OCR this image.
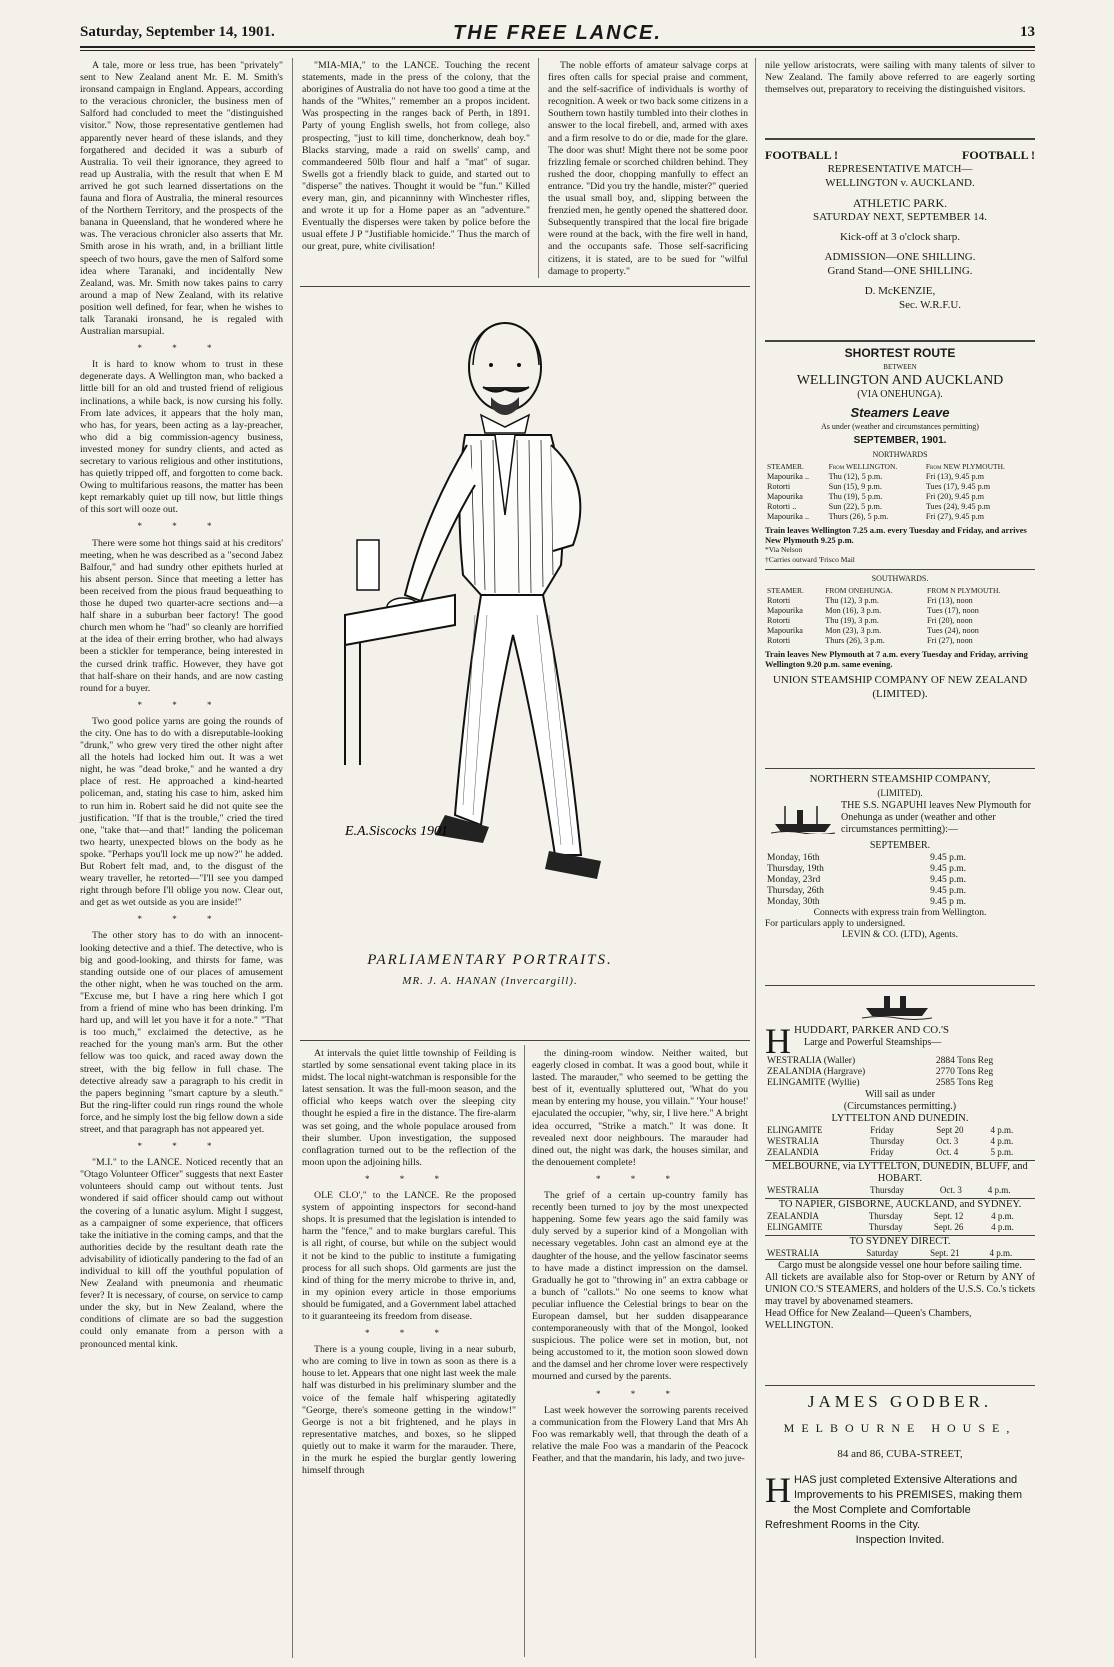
Saturday, September 14, 1901.	THE FREE LANCE.	13

A tale, more or less true, has been "privately" sent to New Zealand anent Mr. E. M. Smith's ironsand campaign in England. Appears, according to the veracious chronicler, the business men of Salford had concluded to meet the "distinguished visitor." Now, those representative gentlemen had apparently never heard of these islands, and they forgathered and decided it was a suburb of Australia. To veil their ignorance, they agreed to read up Australia, with the result that when E M arrived he got such learned dissertations on the fauna and flora of Australia, the mineral resources of the Northern Territory, and the prospects of the banana in Queensland, that he wondered where he was. The veracious chronicler also asserts that Mr. Smith arose in his wrath, and, in a brilliant little speech of two hours, gave the men of Salford some idea where Taranaki, and incidentally New Zealand, was. Mr. Smith now takes pains to carry around a map of New Zealand, with its relative position well defined, for fear, when he wishes to talk Taranaki ironsand, he is regaled with Australian marsupial.

* * *

It is hard to know whom to trust in these degenerate days. A Wellington man, who backed a little bill for an old and trusted friend of religious inclinations, a while back, is now cursing his folly. From late advices, it appears that the holy man, who has, for years, been acting as a lay-preacher, who did a big commission-agency business, invested money for sundry clients, and acted as secretary to various religious and other institutions, has quietly tripped off, and forgotten to come back. Owing to multifarious reasons, the matter has been kept remarkably quiet up till now, but little things of this sort will ooze out.

* * *

There were some hot things said at his creditors' meeting, when he was described as a "second Jabez Balfour," and had sundry other epithets hurled at his absent person. Since that meeting a letter has been received from the pious fraud bequeathing to those he duped two quarter-acre sections and—a half share in a suburban beer factory! The good church men whom he "had" so cleanly are horrified at the idea of their erring brother, who had always been a stickler for temperance, being interested in the cursed drink traffic. However, they have got that half-share on their hands, and are now casting round for a buyer.

* * *

Two good police yarns are going the rounds of the city. One has to do with a disreputable-looking "drunk," who grew very tired the other night after all the hotels had locked him out. It was a wet night, he was "dead broke," and he wanted a dry place of rest. He approached a kind-hearted policeman, and, stating his case to him, asked him to run him in. Robert said he did not quite see the justification. "If that is the trouble," cried the tired one, "take that—and that!" landing the policeman two hearty, unexpected blows on the body as he spoke. "Perhaps you'll lock me up now?" he added. But Robert felt mad, and, to the disgust of the weary traveller, he retorted—"I'll see you damped right through before I'll oblige you now. Clear out, and get as wet outside as you are inside!"

* * *

The other story has to do with an innocent-looking detective and a thief. The detective, who is big and good-looking, and thirsts for fame, was standing outside one of our places of amusement the other night, when he was touched on the arm. "Excuse me, but I have a ring here which I got from a friend of mine who has been drinking. I'm hard up, and will let you have it for a note." "That is too much," exclaimed the detective, as he reached for the young man's arm. But the other fellow was too quick, and raced away down the street, with the big fellow in full chase. The detective already saw a paragraph to his credit in the papers beginning "smart capture by a sleuth." But the ring-lifter could run rings round the whole force, and he simply lost the big fellow down a side street, and that paragraph has not appeared yet.

* * *

"M.I." to the LANCE. Noticed recently that an "Otago Volunteer Officer" suggests that next Easter volunteers should camp out without tents. Just wondered if said officer should camp out without the covering of a lunatic asylum. Might I suggest, as a campaigner of some experience, that officers take the initiative in the coming camps, and that the authorities decide by the resultant death rate the advisability of idiotically pandering to the fad of an individual to kill off the youthful population of New Zealand with pneumonia and rheumatic fever? It is necessary, of course, on service to camp under the sky, but in New Zealand, where the conditions of climate are so bad the suggestion could only emanate from a person with a pronounced mental kink.

"MIA-MIA," to the LANCE. Touching the recent statements, made in the press of the colony, that the aborigines of Australia do not have too good a time at the hands of the "Whites," remember an a propos incident. Was prospecting in the ranges back of Perth, in 1891. Party of young English swells, hot from college, also prospecting, "just to kill time, doncherknow, deah boy." Blacks starving, made a raid on swells' camp, and commandeered 50lb flour and half a "mat" of sugar. Swells got a friendly black to guide, and started out to "disperse" the natives. Thought it would be "fun." Killed every man, gin, and picanninny with Winchester rifles, and wrote it up for a Home paper as an "adventure." Eventually the disperses were taken by police before the usual effete J P "Justifiable homicide." Thus the march of our great, pure, white civilisation!

The noble efforts of amateur salvage corps at fires often calls for special praise and comment, and the self-sacrifice of individuals is worthy of recognition. A week or two back some citizens in a Southern town hastily tumbled into their clothes in answer to the local firebell, and, armed with axes and a firm resolve to do or die, made for the glare. The door was shut! Might there not be some poor frizzling female or scorched children behind. They rushed the door, chopping manfully to effect an entrance. "Did you try the handle, mister?" queried the usual small boy, and, slipping between the frenzied men, he gently opened the shattered door. Subsequently transpired that the local fire brigade were round at the back, with the fire well in hand, and the occupants safe. Those self-sacrificing citizens, it is stated, are to be sued for "wilful damage to property."

E.A.Siscocks 1901
PARLIAMENTARY PORTRAITS.
MR. J. A. HANAN (Invercargill).

At intervals the quiet little township of Feilding is startled by some sensational event taking place in its midst. The local night-watchman is responsible for the latest sensation. It was the full-moon season, and the official who keeps watch over the sleeping city thought he espied a fire in the distance. The fire-alarm was set going, and the whole populace aroused from their slumber. Upon investigation, the supposed conflagration turned out to be the reflection of the moon upon the adjoining hills.

* * *

OLE CLO'," to the LANCE. Re the proposed system of appointing inspectors for second-hand shops. It is presumed that the legislation is intended to harm the "fence," and to make burglars careful. This is all right, of course, but while on the subject would it not be kind to the public to institute a fumigating process for all such shops. Old garments are just the kind of thing for the merry microbe to thrive in, and, in my opinion every article in those emporiums should be fumigated, and a Government label attached to it guaranteeing its freedom from disease.

* * *

There is a young couple, living in a near suburb, who are coming to live in town as soon as there is a house to let. Appears that one night last week the male half was disturbed in his preliminary slumber and the voice of the female half whispering agitatedly "George, there's someone getting in the window!" George is not a bit frightened, and he plays in representative matches, and boxes, so he slipped quietly out to make it warm for the marauder. There, in the murk he espied the burglar gently lowering himself through

the dining-room window. Neither waited, but eagerly closed in combat. It was a good bout, while it lasted. The marauder," who seemed to be getting the best of it, eventually spluttered out, 'What do you mean by entering my house, you villain." 'Your house!' ejaculated the occupier, "why, sir, I live here." A bright idea occurred, "Strike a match." It was done. It revealed next door neighbours. The marauder had dined out, the night was dark, the houses similar, and the denouement complete!

* * *

The grief of a certain up-country family has recently been turned to joy by the most unexpected happening. Some few years ago the said family was duly served by a superior kind of a Mongolian with necessary vegetables. John cast an almond eye at the daughter of the house, and the yellow fascinator seems to have made a distinct impression on the damsel. Gradually he got to "throwing in" an extra cabbage or a bunch of "callots." No one seems to know what peculiar influence the Celestial brings to bear on the European damsel, but her sudden disappearance contemporaneously with that of the Mongol, looked suspicious. The police were set in motion, but, not being accustomed to it, the motion soon slowed down and the damsel and her chrome lover were respectively mourned and cursed by the parents.

* * *

Last week however the sorrowing parents received a communication from the Flowery Land that Mrs Ah Foo was remarkably well, that through the death of a relative the male Foo was a mandarin of the Peacock Feather, and that the mandarin, his lady, and two juve-

nile yellow aristocrats, were sailing with many talents of silver to New Zealand. The family above referred to are eagerly sorting themselves out, preparatory to receiving the distinguished visitors.

FOOTBALL !	FOOTBALL !
REPRESENTATIVE MATCH—
WELLINGTON v. AUCKLAND.
ATHLETIC PARK.
SATURDAY NEXT, SEPTEMBER 14.
Kick-off at 3 o'clock sharp.
ADMISSION—ONE SHILLING.
Grand Stand—ONE SHILLING.
D. McKENZIE,
Sec. W.R.F.U.
SHORTEST ROUTE
BETWEEN
WELLINGTON AND AUCKLAND
(VIA ONEHUNGA).
Steamers Leave
As under (weather and circumstances permitting)
SEPTEMBER, 1901.
NORTHWARDS
STEAMER.	From WELLINGTON.	From NEW PLYMOUTH.
Mapourika ..	Thu (12), 5 p.m.	Fri (13), 9.45 p.m
Rotorti	Sun (15), 9 p.m.	Tues (17), 9.45 p.m
Mapourika	Thu (19), 5 p.m.	Fri (20), 9.45 p.m
Rotorti ..	Sun (22), 5 p.m.	Tues (24), 9.45 p.m
Mapourika ..	Thurs (26), 5 p.m.	Fri (27), 9.45 p.m
Train leaves Wellington 7.25 a.m. every Tuesday and Friday, and arrives New Plymouth 9.25 p.m.
*Via Nelson
†Carries outward 'Frisco Mail
SOUTHWARDS.
STEAMER.	FROM ONEHUNGA.	FROM N PLYMOUTH.
Rotorti	Thu (12), 3 p.m.	Fri (13), noon
Mapourika	Mon (16), 3 p.m.	Tues (17), noon
Rotorti	Thu (19), 3 p.m.	Fri (20), noon
Mapourika	Mon (23), 3 p.m.	Tues (24), noon
Rotorti	Thurs (26), 3 p.m.	Fri (27), noon
Train leaves New Plymouth at 7 a.m. every Tuesday and Friday, arriving Wellington 9.20 p.m. same evening.
UNION STEAMSHIP COMPANY OF NEW ZEALAND (LIMITED).
NORTHERN STEAMSHIP COMPANY,
(LIMITED).
THE S.S. NGAPUHI leaves New Plymouth for Onehunga as under (weather and other circumstances permitting):—
SEPTEMBER.
Monday, 16th	9.45 p.m.
Thursday, 19th	9.45 p.m.
Monday, 23rd	9.45 p.m.
Thursday, 26th	9.45 p.m.
Monday, 30th	9.45 p m.
Connects with express train from Wellington.
For particulars apply to undersigned.
LEVIN & CO. (LTD), Agents.
H HUDDART, PARKER AND CO.'S
Large and Powerful Steamships—
WESTRALIA (Waller)	2884 Tons Reg
ZEALANDIA (Hargrave)	2770 Tons Reg
ELINGAMITE (Wyllie)	2585 Tons Reg
Will sail as under
(Circumstances permitting.)
LYTTELTON AND DUNEDIN.
ELINGAMITE	Friday	Sept 20	4 p.m.
WESTRALIA	Thursday	Oct. 3	4 p.m.
ZEALANDIA	Friday	Oct. 4	5 p.m.
MELBOURNE, via LYTTELTON, DUNEDIN, BLUFF, and HOBART.
WESTRALIA	Thursday	Oct. 3	4 p.m.
TO NAPIER, GISBORNE, AUCKLAND, and SYDNEY.
ZEALANDIA	Thursday	Sept. 12	4 p.m.
ELINGAMITE	Thursday	Sept. 26	4 p.m.
TO SYDNEY DIRECT.
WESTRALIA	Saturday	Sept. 21	4 p.m.
Cargo must be alongside vessel one hour before sailing time.
All tickets are available also for Stop-over or Return by ANY of UNION CO.'S STEAMERS, and holders of the U.S.S. Co.'s tickets may travel by abovenamed steamers.
Head Office for New Zealand—Queen's Chambers, WELLINGTON.
JAMES GODBER.
MELBOURNE HOUSE,
84 and 86, CUBA-STREET,
H HAS just completed Extensive Alterations and Improvements to his PREMISES, making them the Most Complete and Comfortable Refreshment Rooms in the City.
Inspection Invited.
